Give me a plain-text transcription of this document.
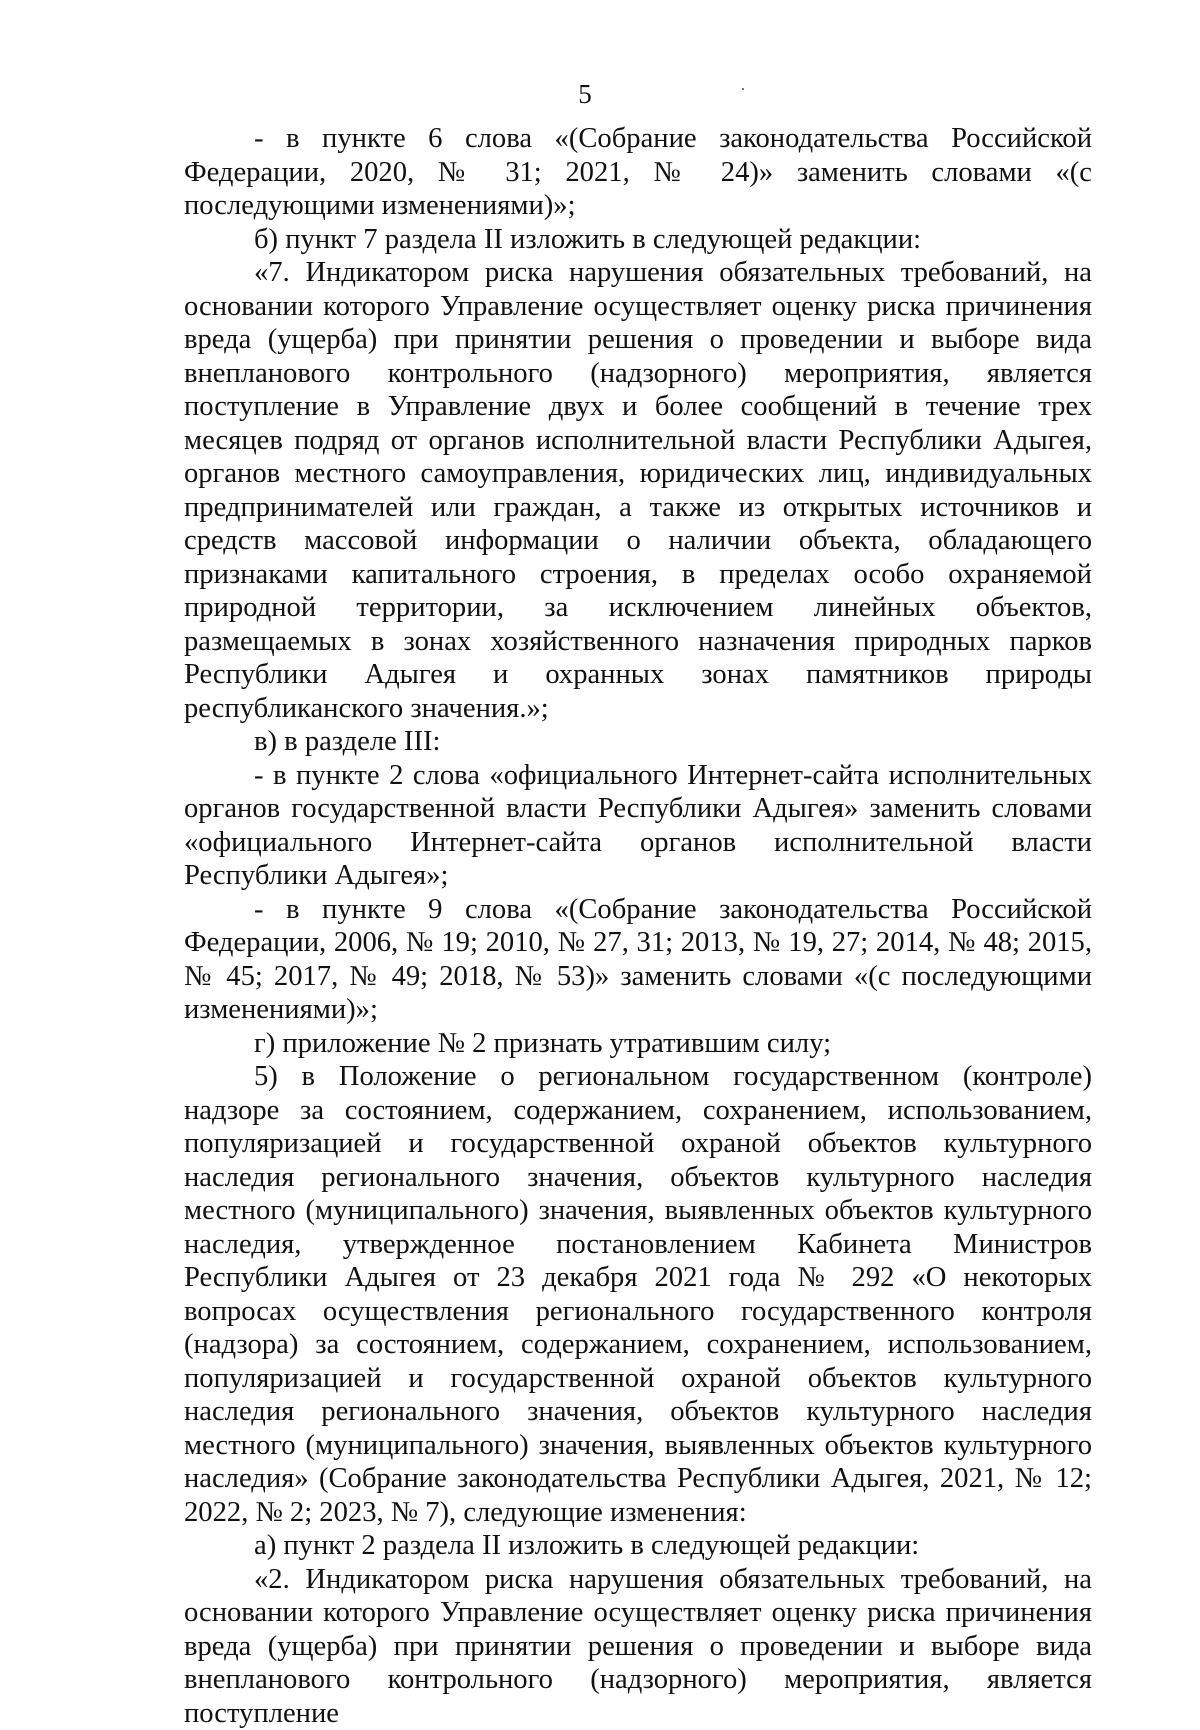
5

- в пункте 6 слова «(Собрание законодательства Российской Федерации, 2020, № 31; 2021, № 24)» заменить словами «(с последующими изменениями)»;

б) пункт 7 раздела II изложить в следующей редакции:

«7. Индикатором риска нарушения обязательных требований, на основании которого Управление осуществляет оценку риска причинения вреда (ущерба) при принятии решения о проведении и выборе вида внепланового контрольного (надзорного) мероприятия, является поступление в Управление двух и более сообщений в течение трех месяцев подряд от органов исполнительной власти Республики Адыгея, органов местного самоуправления, юридических лиц, индивидуальных предпринимателей или граждан, а также из открытых источников и средств массовой информации о наличии объекта, обладающего признаками капитального строения, в пределах особо охраняемой природной территории, за исключением линейных объектов, размещаемых в зонах хозяйственного назначения природных парков Республики Адыгея и охранных зонах памятников природы республиканского значения.»;

в) в разделе III:

- в пункте 2 слова «официального Интернет-сайта исполнительных органов государственной власти Республики Адыгея» заменить словами «официального Интернет-сайта органов исполнительной власти Республики Адыгея»;

- в пункте 9 слова «(Собрание законодательства Российской Федерации, 2006, № 19; 2010, № 27, 31; 2013, № 19, 27; 2014, № 48; 2015, № 45; 2017, № 49; 2018, № 53)» заменить словами «(с последующими изменениями)»;

г) приложение № 2 признать утратившим силу;

5) в Положение о региональном государственном (контроле) надзоре за состоянием, содержанием, сохранением, использованием, популяризацией и государственной охраной объектов культурного наследия регионального значения, объектов культурного наследия местного (муниципального) значения, выявленных объектов культурного наследия, утвержденное постановлением Кабинета Министров Республики Адыгея от 23 декабря 2021 года № 292 «О некоторых вопросах осуществления регионального государственного контроля (надзора) за состоянием, содержанием, сохранением, использованием, популяризацией и государственной охраной объектов культурного наследия регионального значения, объектов культурного наследия местного (муниципального) значения, выявленных объектов культурного наследия» (Собрание законодательства Республики Адыгея, 2021, № 12; 2022, № 2; 2023, № 7), следующие изменения:

а) пункт 2 раздела II изложить в следующей редакции:

«2. Индикатором риска нарушения обязательных требований, на основании которого Управление осуществляет оценку риска причинения вреда (ущерба) при принятии решения о проведении и выборе вида внепланового контрольного (надзорного) мероприятия, является поступление
